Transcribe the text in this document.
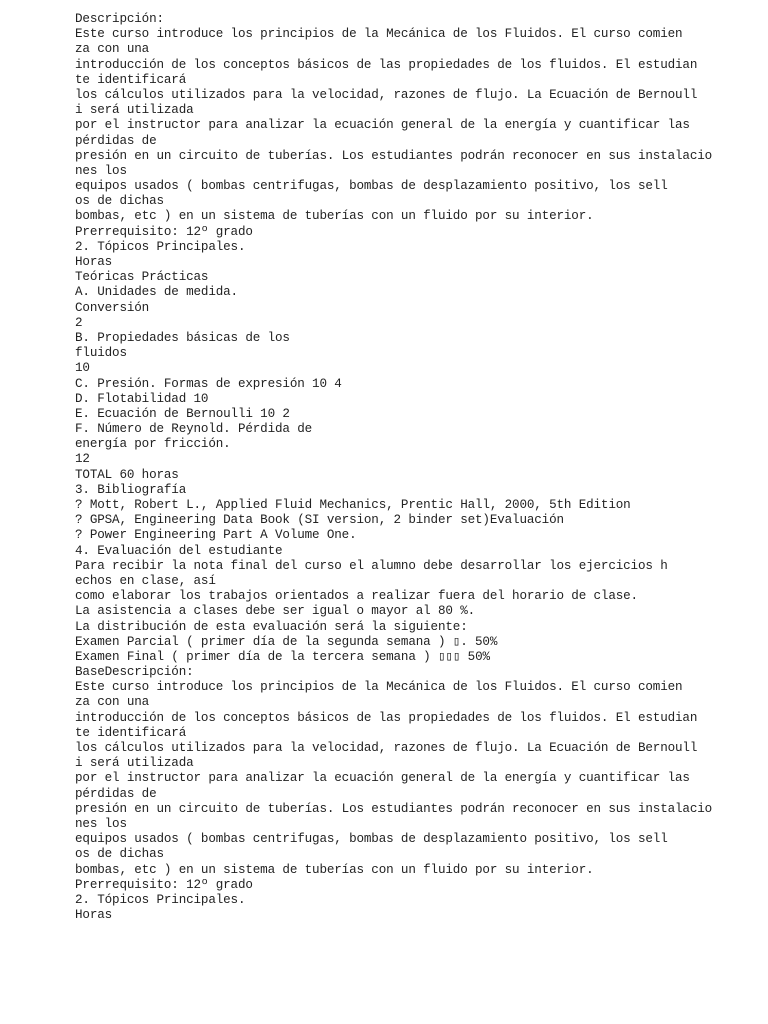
Descripción:
Este curso introduce los principios de la Mecánica de los Fluidos. El curso comien
za con una
introducción de los conceptos básicos de las propiedades de los fluidos. El estudian
te identificará
los cálculos utilizados para la velocidad, razones de flujo. La Ecuación de Bernoull
i será utilizada
por el instructor para analizar la ecuación general de la energía y cuantificar las
pérdidas de
presión en un circuito de tuberías. Los estudiantes podrán reconocer en sus instalacio
nes los
equipos usados ( bombas centrifugas, bombas de desplazamiento positivo, los sell
os de dichas
bombas, etc ) en un sistema de tuberías con un fluido por su interior.
Prerrequisito: 12º grado
2. Tópicos Principales.
Horas
Teóricas Prácticas
A. Unidades de medida.
Conversión
2
B. Propiedades básicas de los
fluidos
10
C. Presión. Formas de expresión 10 4
D. Flotabilidad 10
E. Ecuación de Bernoulli 10 2
F. Número de Reynold. Pérdida de
energía por fricción.
12
TOTAL 60 horas
3. Bibliografía
? Mott, Robert L., Applied Fluid Mechanics, Prentic Hall, 2000, 5th Edition
? GPSA, Engineering Data Book (SI version, 2 binder set)Evaluación
? Power Engineering Part A Volume One.
4. Evaluación del estudiante
Para recibir la nota final del curso el alumno debe desarrollar los ejercicios h
echos en clase, así
como elaborar los trabajos orientados a realizar fuera del horario de clase.
La asistencia a clases debe ser igual o mayor al 80 %.
La distribución de esta evaluación será la siguiente:
Examen Parcial ( primer día de la segunda semana ) ▯. 50%
Examen Final ( primer día de la tercera semana ) ▯▯▯ 50%
BaseDescripción:
Este curso introduce los principios de la Mecánica de los Fluidos. El curso comien
za con una
introducción de los conceptos básicos de las propiedades de los fluidos. El estudian
te identificará
los cálculos utilizados para la velocidad, razones de flujo. La Ecuación de Bernoull
i será utilizada
por el instructor para analizar la ecuación general de la energía y cuantificar las
pérdidas de
presión en un circuito de tuberías. Los estudiantes podrán reconocer en sus instalacio
nes los
equipos usados ( bombas centrifugas, bombas de desplazamiento positivo, los sell
os de dichas
bombas, etc ) en un sistema de tuberías con un fluido por su interior.
Prerrequisito: 12º grado
2. Tópicos Principales.
Horas
